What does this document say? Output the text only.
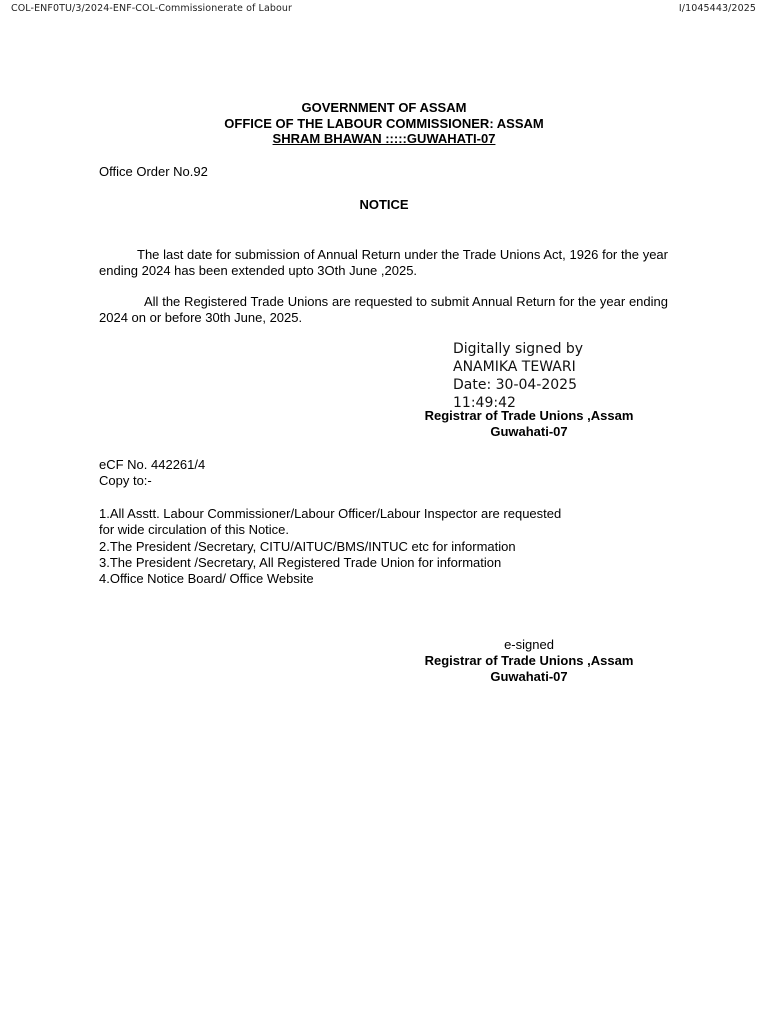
COL-ENF0TU/3/2024-ENF-COL-Commissionerate of Labour	I/1045443/2025
GOVERNMENT OF ASSAM
OFFICE OF THE LABOUR COMMISSIONER: ASSAM
SHRAM BHAWAN :::::GUWAHATI-07
Office Order No.92
NOTICE
The last date for submission of Annual Return under the Trade Unions Act, 1926 for the year ending 2024 has been extended upto 3Oth June ,2025.
All the Registered Trade Unions are requested to submit Annual Return for the year ending 2024 on or before 30th June, 2025.
Digitally signed by
ANAMIKA TEWARI
Date: 30-04-2025
11:49:42
Registrar of Trade Unions ,Assam
Guwahati-07
eCF No. 442261/4
Copy to:-
1.All Asstt. Labour Commissioner/Labour Officer/Labour Inspector are requested
for wide circulation of this Notice.
2.The President /Secretary, CITU/AITUC/BMS/INTUC etc for information
3.The President /Secretary, All Registered Trade Union for information
4.Office Notice Board/ Office Website
e-signed
Registrar of Trade Unions ,Assam
Guwahati-07
